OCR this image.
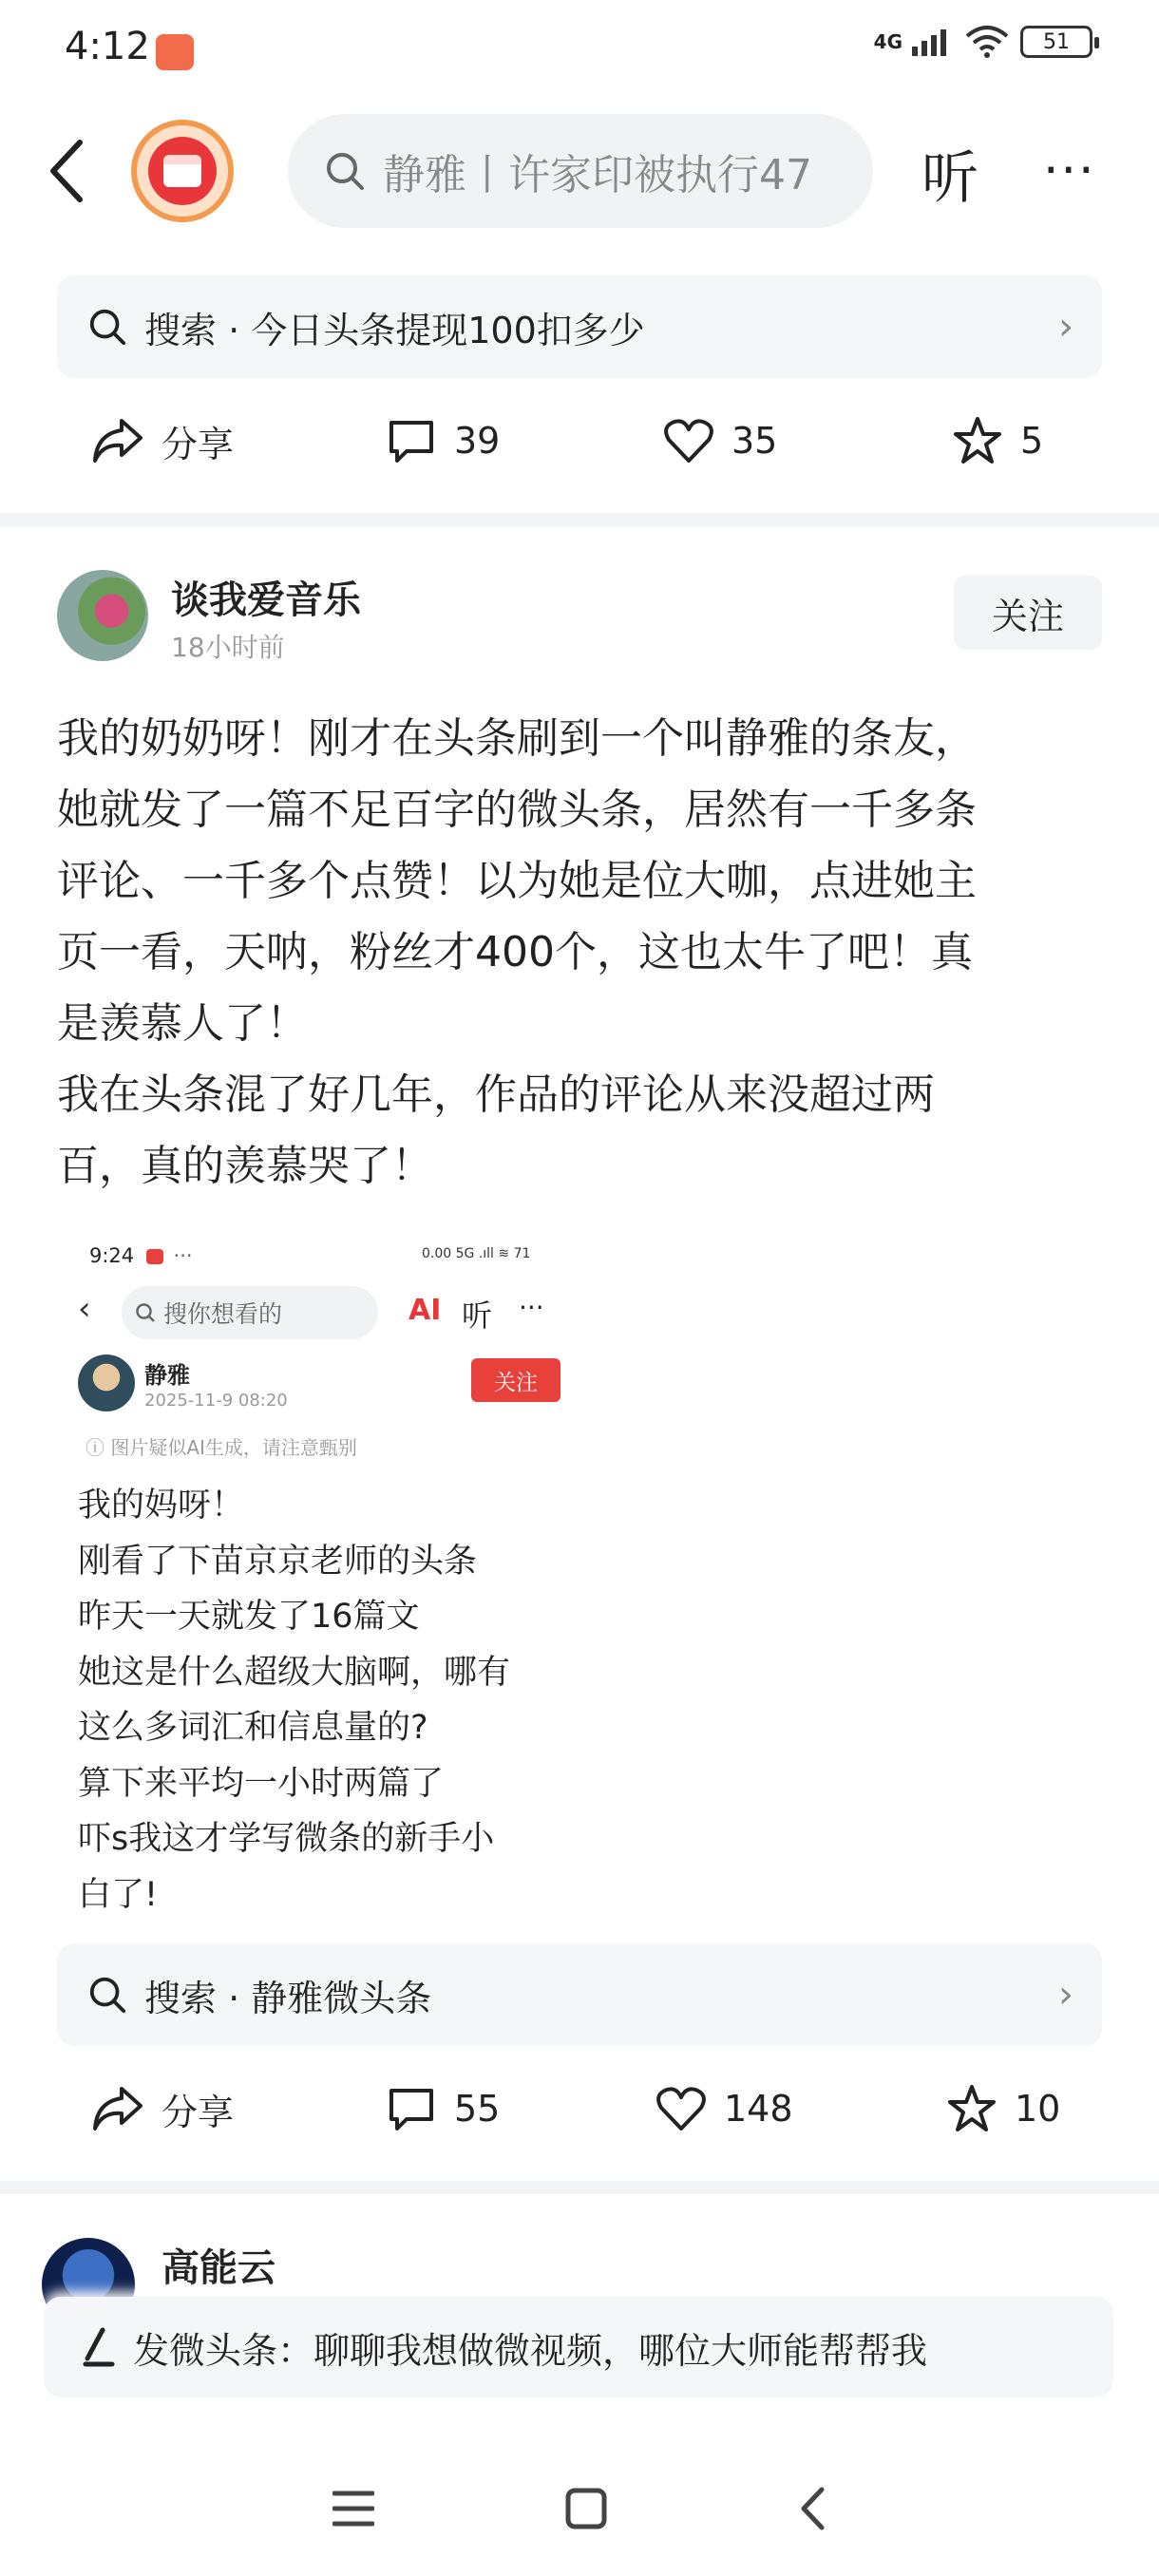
4:12	4G	51
静雅丨许家印被执行47 听 ···
搜索 · 今日头条提现100扣多少	›
分享	39	35	5
谈我爱音乐
18小时前
关注
我的奶奶呀！刚才在头条刷到一个叫静雅的条友，
她就发了一篇不足百字的微头条，居然有一千多条
评论、一千多个点赞！以为她是位大咖，点进她主
页一看，天呐，粉丝才400个，这也太牛了吧！真
是羡慕人了！
我在头条混了好几年，作品的评论从来没超过两
百，真的羡慕哭了！
9:24 ···	0.00 5G .ıll ≋ 71
‹	搜你想看的	AI 听 ···
静雅
2025-11-9 08:20
关注
ⓘ 图片疑似AI生成，请注意甄别
我的妈呀！
刚看了下苗京京老师的头条
昨天一天就发了16篇文
她这是什么超级大脑啊，哪有
这么多词汇和信息量的?
算下来平均一小时两篇了
吓s我这才学写微条的新手小
白了!
搜索 · 静雅微头条	›
分享	55	148	10
高能云
发微头条：聊聊我想做微视频，哪位大师能帮帮我
